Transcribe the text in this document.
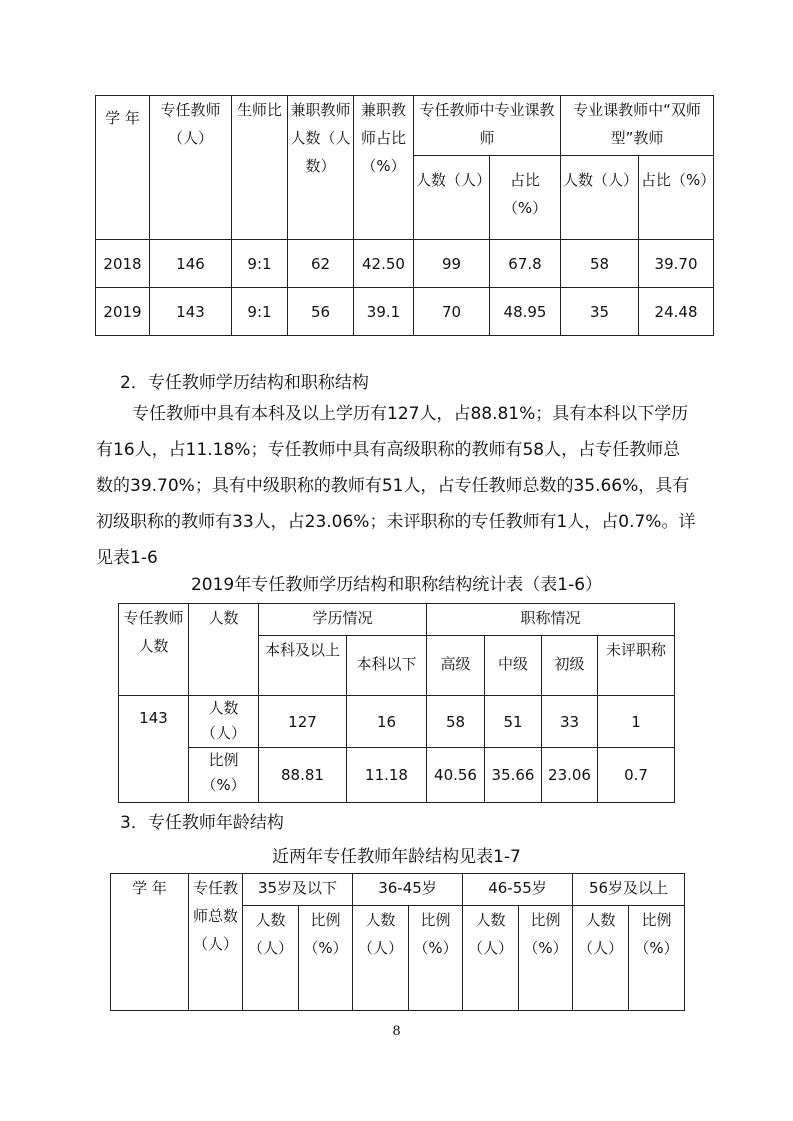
学 年	专任教师（人）	生师比	兼职教师人数（人数）	兼职教师占比（%）	专任教师中专业课教师		专业课教师中“双师型”教师	
					人数（人）	占比（%）	人数（人）	占比（%）
2018	146	9:1	62	42.50	99	67.8	58	39.70
2019	143	9:1	56	39.1	70	48.95	35	24.48
2．专任教师学历结构和职称结构
专任教师中具有本科及以上学历有127人，占88.81%；具有本科以下学历有16人，占11.18%；专任教师中具有高级职称的教师有58人，占专任教师总数的39.70%；具有中级职称的教师有51人，占专任教师总数的35.66%，具有初级职称的教师有33人，占23.06%；未评职称的专任教师有1人，占0.7%。详见表1-6
2019年专任教师学历结构和职称结构统计表（表1-6）
专任教师人数	人数	学历情况		职称情况			
		本科及以上	本科以下	高级	中级	初级	未评职称
143	人数（人）	127	16	58	51	33	1
	比例（%）	88.81	11.18	40.56	35.66	23.06	0.7
3．专任教师年龄结构
近两年专任教师年龄结构见表1-7
学 年	专任教师总数（人）	35岁及以下		36-45岁		46-55岁		56岁及以上	
		人数（人）	比例（%）	人数（人）	比例（%）	人数（人）	比例（%）	人数（人）	比例（%）
8
